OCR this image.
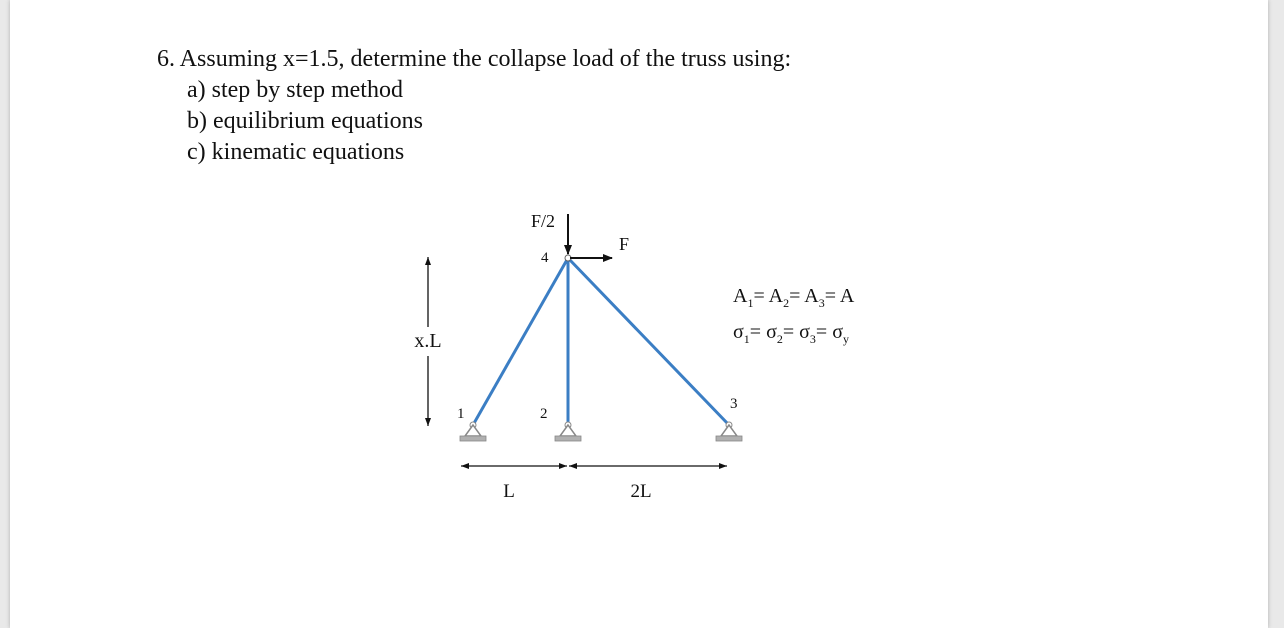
6. Assuming x=1.5, determine the collapse load of the truss using:
a) step by step method
b) equilibrium equations
c) kinematic equations
F/2
F
4
1	2
3
x.L
L	2L
$A_1= A_2= A_3= A$
$\sigma_1= \sigma_2= \sigma_3= \sigma_y$
